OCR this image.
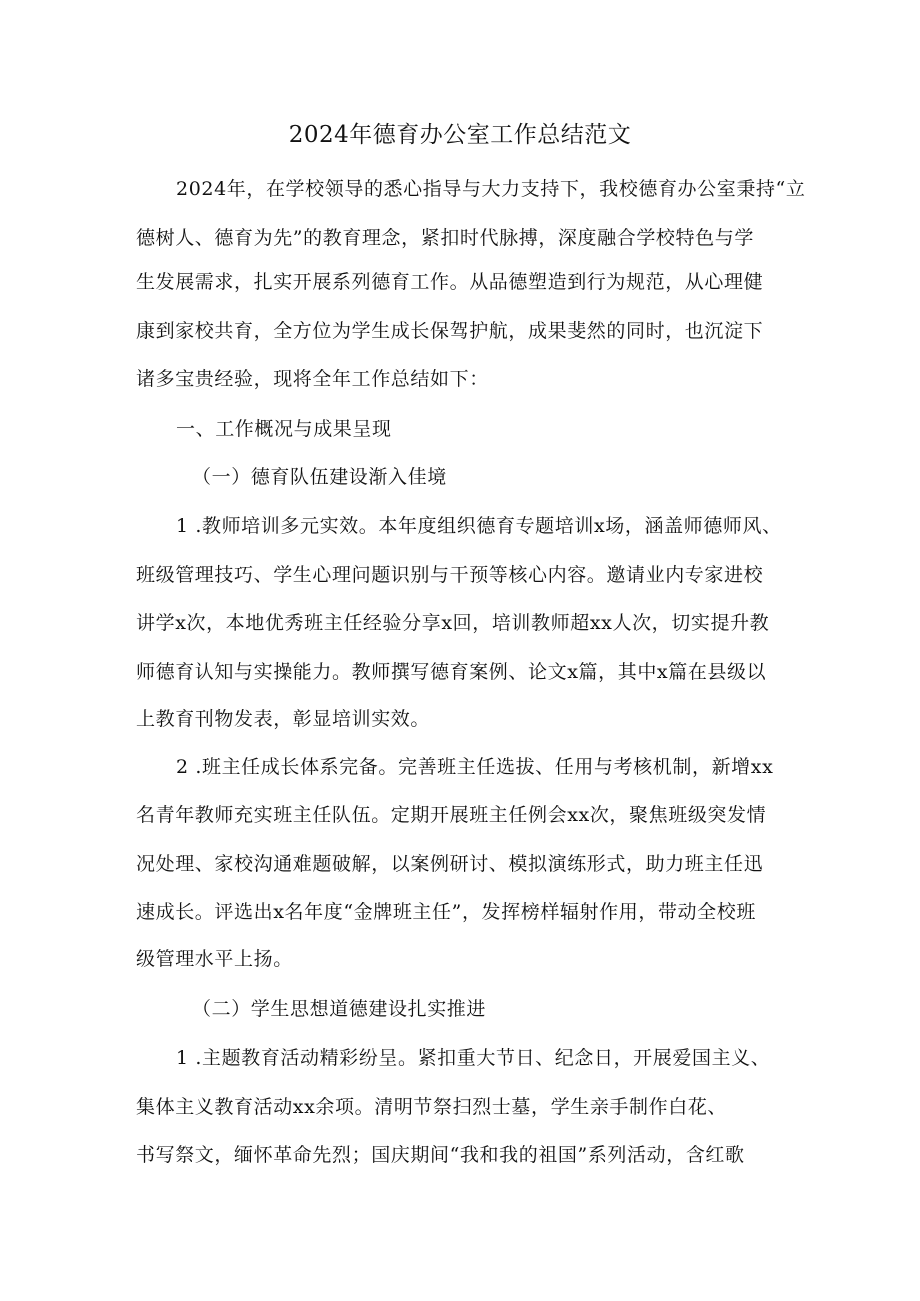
2024年德育办公室工作总结范文
2024年，在学校领导的悉心指导与大力支持下，我校德育办公室秉持“立
德树人、德育为先”的教育理念，紧扣时代脉搏，深度融合学校特色与学
生发展需求，扎实开展系列德育工作。从品德塑造到行为规范，从心理健
康到家校共育，全方位为学生成长保驾护航，成果斐然的同时，也沉淀下
诸多宝贵经验，现将全年工作总结如下：
一、工作概况与成果呈现
（一）德育队伍建设渐入佳境
1 .教师培训多元实效。本年度组织德育专题培训x场，涵盖师德师风、
班级管理技巧、学生心理问题识别与干预等核心内容。邀请业内专家进校
讲学x次，本地优秀班主任经验分享x回，培训教师超xx人次，切实提升教
师德育认知与实操能力。教师撰写德育案例、论文x篇，其中x篇在县级以
上教育刊物发表，彰显培训实效。
2 .班主任成长体系完备。完善班主任选拔、任用与考核机制，新增xx
名青年教师充实班主任队伍。定期开展班主任例会xx次，聚焦班级突发情
况处理、家校沟通难题破解，以案例研讨、模拟演练形式，助力班主任迅
速成长。评选出x名年度“金牌班主任”，发挥榜样辐射作用，带动全校班
级管理水平上扬。
（二）学生思想道德建设扎实推进
1 .主题教育活动精彩纷呈。紧扣重大节日、纪念日，开展爱国主义、
集体主义教育活动xx余项。清明节祭扫烈士墓，学生亲手制作白花、
书写祭文，缅怀革命先烈；国庆期间“我和我的祖国”系列活动，含红歌
